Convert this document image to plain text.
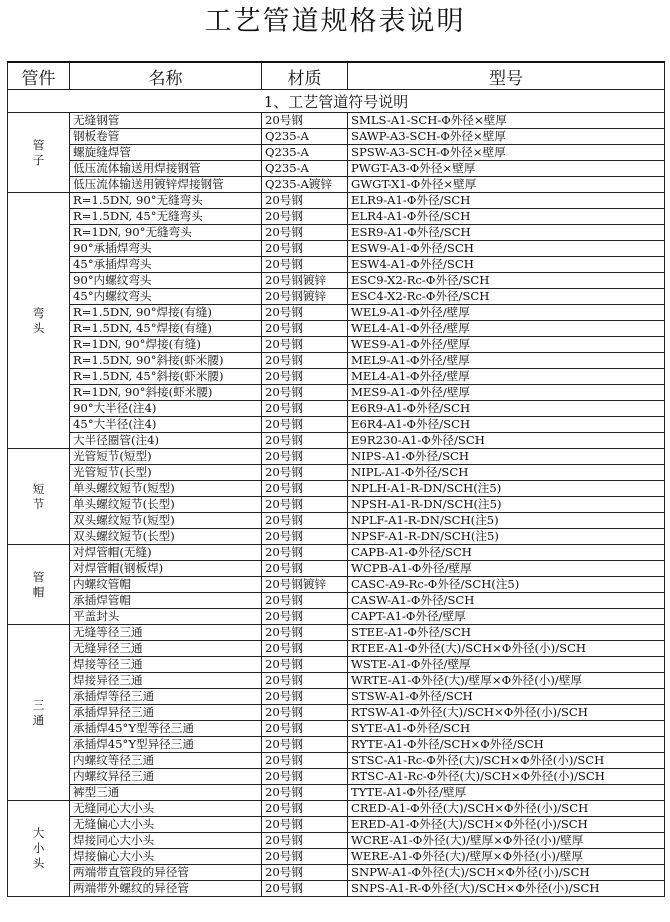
工艺管道规格表说明
管件	名称	材质	型号
1、工艺管道符号说明			
管子	无缝钢管	20号钢	SMLS-A1-SCH-Φ外径×壁厚
	钢板卷管	Q235-A	SAWP-A3-SCH-Φ外径×壁厚
	螺旋缝焊管	Q235-A	SPSW-A3-SCH-Φ外径×壁厚
	低压流体输送用焊接钢管	Q235-A	PWGT-A3-Φ外径×壁厚
	低压流体输送用镀锌焊接钢管	Q235-A镀锌	GWGT-X1-Φ外径×壁厚
弯头	R=1.5DN, 90°无缝弯头	20号钢	ELR9-A1-Φ外径/SCH
	R=1.5DN, 45°无缝弯头	20号钢	ELR4-A1-Φ外径/SCH
	R=1DN, 90°无缝弯头	20号钢	ESR9-A1-Φ外径/SCH
	90°承插焊弯头	20号钢	ESW9-A1-Φ外径/SCH
	45°承插焊弯头	20号钢	ESW4-A1-Φ外径/SCH
	90°内螺纹弯头	20号钢镀锌	ESC9-X2-Rc-Φ外径/SCH
	45°内螺纹弯头	20号钢镀锌	ESC4-X2-Rc-Φ外径/SCH
	R=1.5DN, 90°焊接(有缝)	20号钢	WEL9-A1-Φ外径/壁厚
	R=1.5DN, 45°焊接(有缝)	20号钢	WEL4-A1-Φ外径/壁厚
	R=1DN, 90°焊接(有缝)	20号钢	WES9-A1-Φ外径/壁厚
	R=1.5DN, 90°斜接(虾米腰)	20号钢	MEL9-A1-Φ外径/壁厚
	R=1.5DN, 45°斜接(虾米腰)	20号钢	MEL4-A1-Φ外径/壁厚
	R=1DN, 90°斜接(虾米腰)	20号钢	MES9-A1-Φ外径/壁厚
	90°大半径(注4)	20号钢	E6R9-A1-Φ外径/SCH
	45°大半径(注4)	20号钢	E6R4-A1-Φ外径/SCH
	大半径圈管(注4)	20号钢	E9R230-A1-Φ外径/SCH
短节	光管短节(短型)	20号钢	NIPS-A1-Φ外径/SCH
	光管短节(长型)	20号钢	NIPL-A1-Φ外径/SCH
	单头螺纹短节(短型)	20号钢	NPLH-A1-R-DN/SCH(注5)
	单头螺纹短节(长型)	20号钢	NPSH-A1-R-DN/SCH(注5)
	双头螺纹短节(短型)	20号钢	NPLF-A1-R-DN/SCH(注5)
	双头螺纹短节(长型)	20号钢	NPSF-A1-R-DN/SCH(注5)
管帽	对焊管帽(无缝)	20号钢	CAPB-A1-Φ外径/SCH
	对焊管帽(钢板焊)	20号钢	WCPB-A1-Φ外径/壁厚
	内螺纹管帽	20号钢镀锌	CASC-A9-Rc-Φ外径/SCH(注5)
	承插焊管帽	20号钢	CASW-A1-Φ外径/SCH
	平盖封头	20号钢	CAPT-A1-Φ外径/壁厚
三通	无缝等径三通	20号钢	STEE-A1-Φ外径/SCH
	无缝异径三通	20号钢	RTEE-A1-Φ外径(大)/SCH×Φ外径(小)/SCH
	焊接等径三通	20号钢	WSTE-A1-Φ外径/壁厚
	焊接异径三通	20号钢	WRTE-A1-Φ外径(大)/壁厚×Φ外径(小)/壁厚
	承插焊等径三通	20号钢	STSW-A1-Φ外径/SCH
	承插焊异径三通	20号钢	RTSW-A1-Φ外径(大)/SCH×Φ外径(小)/SCH
	承插焊45°Y型等径三通	20号钢	SYTE-A1-Φ外径/SCH
	承插焊45°Y型异径三通	20号钢	RYTE-A1-Φ外径/SCH×Φ外径/SCH
	内螺纹等径三通	20号钢	STSC-A1-Rc-Φ外径(大)/SCH×Φ外径(小)/SCH
	内螺纹异径三通	20号钢	RTSC-A1-Rc-Φ外径(大)/SCH×Φ外径(小)/SCH
	裤型三通	20号钢	TYTE-A1-Φ外径/壁厚
大小头	无缝同心大小头	20号钢	CRED-A1-Φ外径(大)/SCH×Φ外径(小)/SCH
	无缝偏心大小头	20号钢	ERED-A1-Φ外径(大)/SCH×Φ外径(小)/SCH
	焊接同心大小头	20号钢	WCRE-A1-Φ外径(大)/壁厚×Φ外径(小)/壁厚
	焊接偏心大小头	20号钢	WERE-A1-Φ外径(大)/壁厚×Φ外径(小)/壁厚
	两端带直管段的异径管	20号钢	SNPW-A1-Φ外径(大)/SCH×Φ外径(小)/SCH
	两端带外螺纹的异径管	20号钢	SNPS-A1-R-Φ外径(大)/SCH×Φ外径(小)/SCH
